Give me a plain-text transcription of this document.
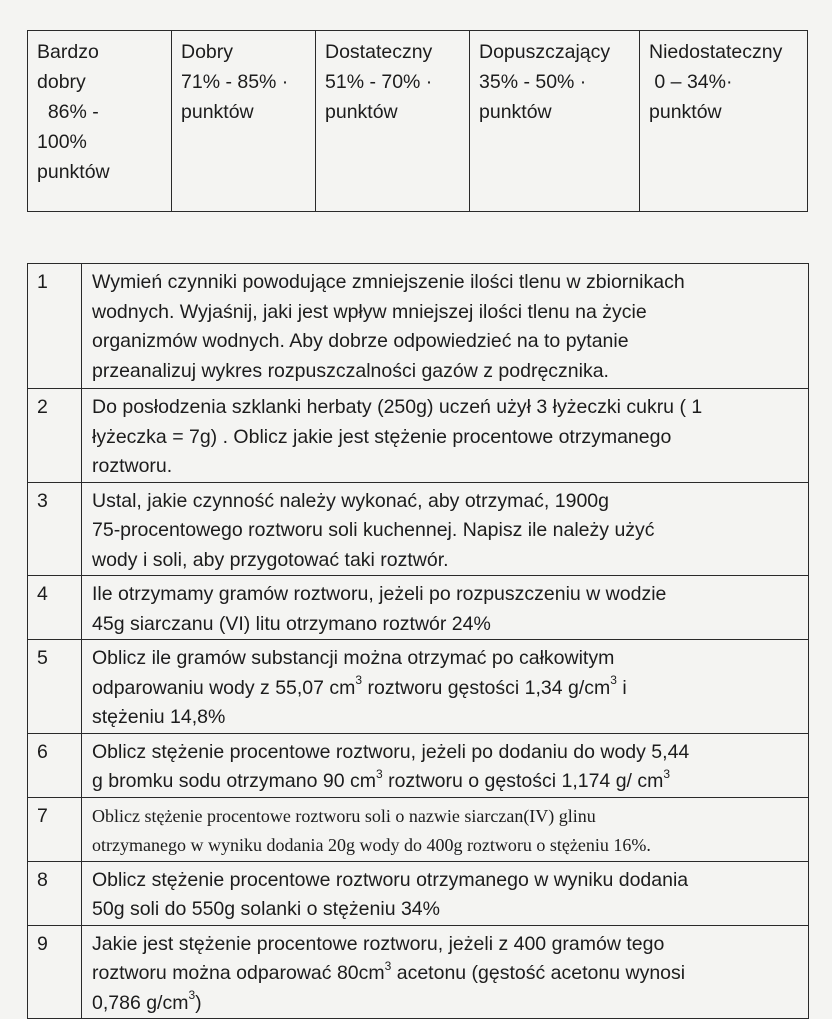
Bardzo
dobry
86% -
100%
punktów

Dobry
71% - 85% ·
punktów

Dostateczny
51% - 70% ·
punktów

Dopuszczający
35% - 50% ·
punktów

Niedostateczny
0 – 34%·
punktów
1	Wymień czynniki powodujące zmniejszenie ilości tlenu w zbiornikach
wodnych. Wyjaśnij, jaki jest wpływ mniejszej ilości tlenu na życie
organizmów wodnych. Aby dobrze odpowiedzieć na to pytanie
przeanalizuj wykres rozpuszczalności gazów z podręcznika.

2	Do posłodzenia szklanki herbaty (250g) uczeń użył 3 łyżeczki cukru ( 1
łyżeczka = 7g) . Oblicz jakie jest stężenie procentowe otrzymanego
roztworu.

3	Ustal, jakie czynność należy wykonać, aby otrzymać, 1900g
75-procentowego roztworu soli kuchennej. Napisz ile należy użyć
wody i soli, aby przygotować taki roztwór.

4	Ile otrzymamy gramów roztworu, jeżeli po rozpuszczeniu w wodzie
45g siarczanu (VI) litu otrzymano roztwór 24%

5	Oblicz ile gramów substancji można otrzymać po całkowitym
odparowaniu wody z 55,07 $cm^3$ roztworu gęstości 1,34 $g/cm^3$ i
stężeniu 14,8%

6	Oblicz stężenie procentowe roztworu, jeżeli po dodaniu do wody 5,44
g bromku sodu otrzymano 90 $cm^3$ roztworu o gęstości 1,174 g/ $cm^3$

7	Oblicz stężenie procentowe roztworu soli o nazwie siarczan(IV) glinu
otrzymanego w wyniku dodania 20g wody do 400g roztworu o stężeniu 16%.

8	Oblicz stężenie procentowe roztworu otrzymanego w wyniku dodania
50g soli do 550g solanki o stężeniu 34%

9	Jakie jest stężenie procentowe roztworu, jeżeli z 400 gramów tego
roztworu można odparować $80cm^3$ acetonu (gęstość acetonu wynosi
0,786 $g/cm^3$)
